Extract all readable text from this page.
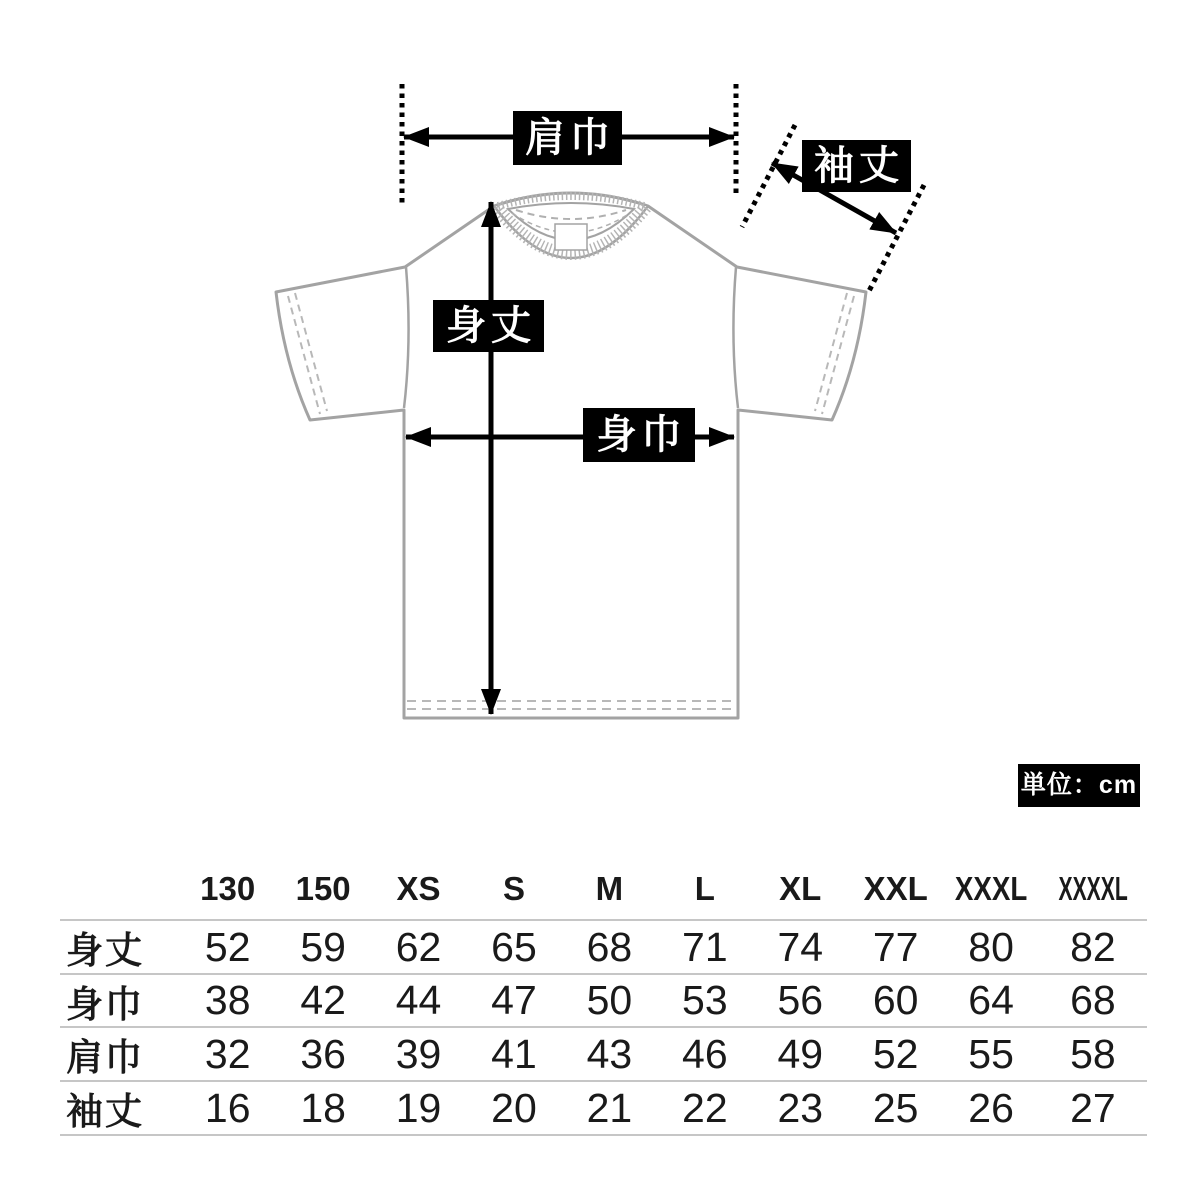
肩巾
袖丈
身丈
身巾
単位：cm
130 150 XS S M L XL XXL XXXL XXXXL
身丈	52	59	62	65	68	71	74	77	80	82
身巾	38	42	44	47	50	53	56	60	64	68
肩巾	32	36	39	41	43	46	49	52	55	58
袖丈	16	18	19	20	21	22	23	25	26	27
